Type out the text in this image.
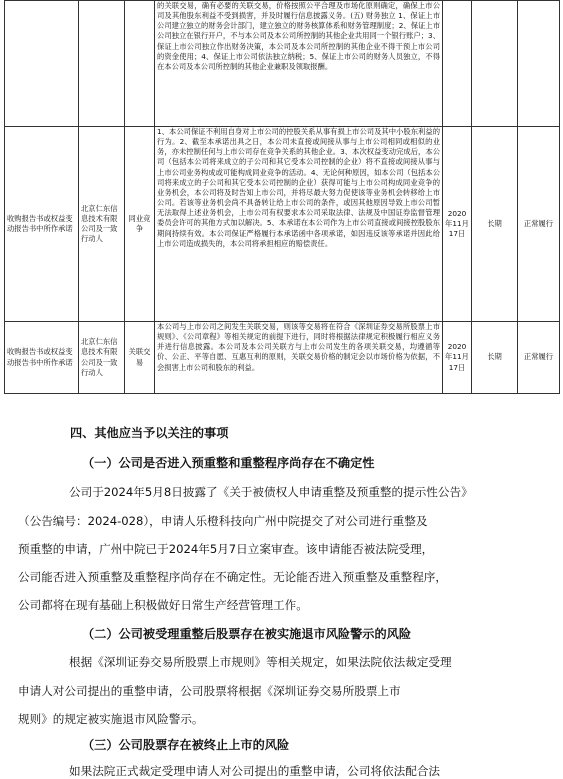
			的关联交易，确有必要的关联交易，价格按照公平合理及市场化原则确定，确保上市公司及其他股东利益不受到损害，并及时履行信息披露义务。(五) 财务独立 1、保证上市公司建立独立的财务会计部门，建立独立的财务核算体系和财务管理制度；2、保证上市公司独立在银行开户，不与本公司及本公司所控制的其他企业共用同一个银行账户；3、保证上市公司独立作出财务决策，本公司及本公司所控制的其他企业不得干预上市公司的资金使用；4、保证上市公司依法独立纳税；5、保证上市公司的财务人员独立，不得在本公司及本公司所控制的其他企业兼职及领取报酬。			
收购报告书或权益变动报告书中所作承诺	北京仁东信息技术有限公司及一致行动人	同业竞争	1、本公司保证不利用自身对上市公司的控股关系从事有损上市公司及其中小股东利益的行为。2、截至本承诺出具之日，本公司未直接或间接从事与上市公司相同或相似的业务，亦未控制任何与上市公司存在竞争关系的其他企业。3、本次权益变动完成后，本公司（包括本公司将来成立的子公司和其它受本公司控制的企业）将不直接或间接从事与上市公司业务构成或可能构成同业竞争的活动。4、无论何种原因，如本公司（包括本公司将来成立的子公司和其它受本公司控制的企业）获得可能与上市公司构成同业竞争的业务机会，本公司将及时告知上市公司，并将尽最大努力促使该等业务机会转移给上市公司。若该等业务机会尚不具备转让给上市公司的条件，或因其他原因导致上市公司暂无法取得上述业务机会，上市公司有权要求本公司采取法律、法规及中国证券监督管理委员会许可的其他方式加以解决。5、本承诺在本公司作为上市公司直接或间接控股股东期间持续有效。本公司保证严格履行本承诺函中各项承诺，如因违反该等承诺并因此给上市公司造成损失的，本公司将承担相应的赔偿责任。	2020年11月17日	长期	正常履行
收购报告书或权益变动报告书中所作承诺	北京仁东信息技术有限公司及一致行动人	关联交易	本公司与上市公司之间发生关联交易，则该等交易将在符合《深圳证券交易所股票上市规则》、《公司章程》等相关规定的前提下进行，同时将根据法律规定积极履行相应义务并进行信息披露。本公司及本公司关联方与上市公司发生的各项关联交易，均遵循等价、公正、平等自愿、互惠互利的原则，关联交易价格的制定会以市场价格为依据，不会损害上市公司和股东的利益。	2020年11月17日	长期	正常履行
四、其他应当予以关注的事项
（一）公司是否进入预重整和重整程序尚存在不确定性
公司于2024年5月8日披露了《关于被债权人申请重整及预重整的提示性公告》
（公告编号：2024-028），申请人乐橙科技向广州中院提交了对公司进行重整及
预重整的申请，广州中院已于2024年5月7日立案审查。该申请能否被法院受理，
公司能否进入预重整及重整程序尚存在不确定性。无论能否进入预重整及重整程序，
公司都将在现有基础上积极做好日常生产经营管理工作。
（二）公司被受理重整后股票存在被实施退市风险警示的风险
根据《深圳证券交易所股票上市规则》等相关规定，如果法院依法裁定受理
申请人对公司提出的重整申请，公司股票将根据《深圳证券交易所股票上市
规则》的规定被实施退市风险警示。
（三）公司股票存在被终止上市的风险
如果法院正式裁定受理申请人对公司提出的重整申请，公司将依法配合法
